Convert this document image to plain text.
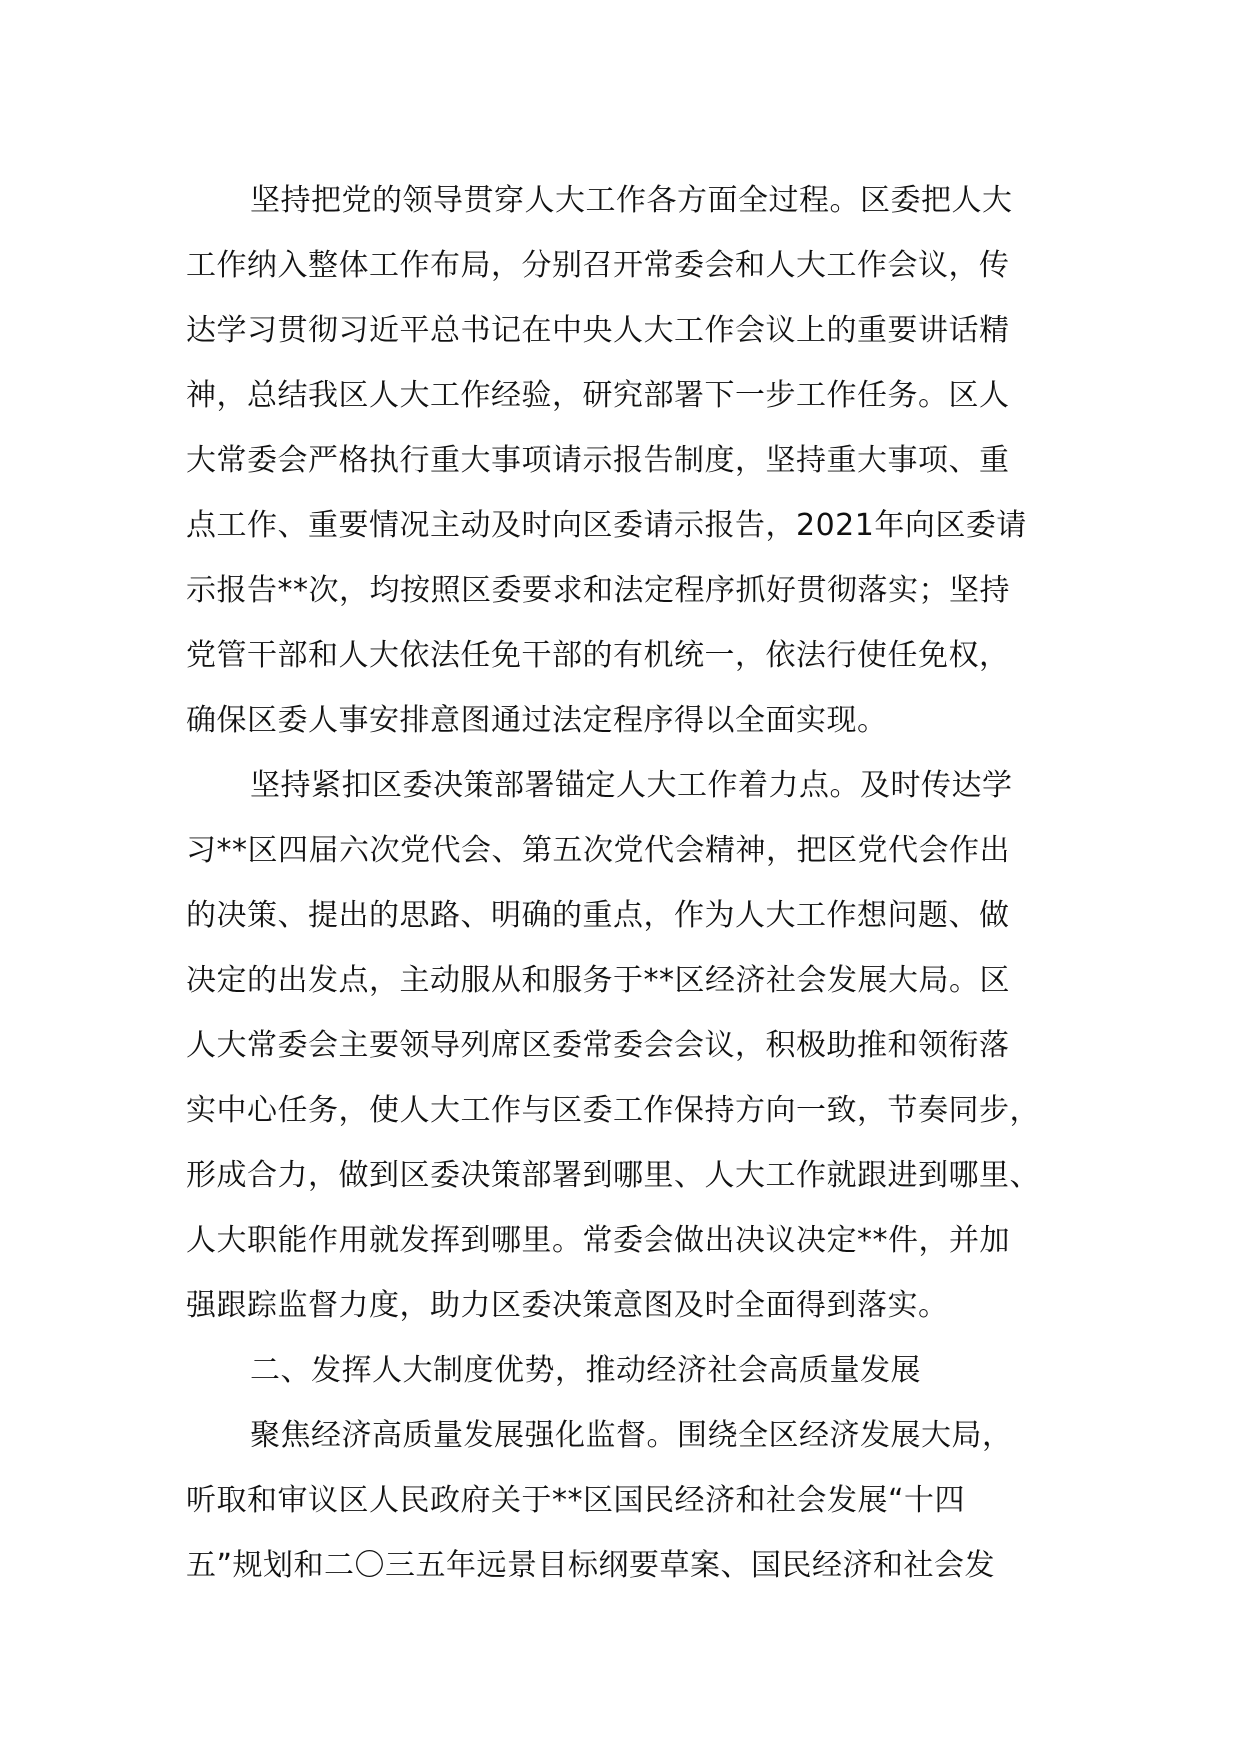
坚持把党的领导贯穿人大工作各方面全过程。区委把人大
工作纳入整体工作布局，分别召开常委会和人大工作会议，传
达学习贯彻习近平总书记在中央人大工作会议上的重要讲话精
神，总结我区人大工作经验，研究部署下一步工作任务。区人
大常委会严格执行重大事项请示报告制度，坚持重大事项、重
点工作、重要情况主动及时向区委请示报告，2021年向区委请
示报告**次，均按照区委要求和法定程序抓好贯彻落实；坚持
党管干部和人大依法任免干部的有机统一，依法行使任免权，
确保区委人事安排意图通过法定程序得以全面实现。
坚持紧扣区委决策部署锚定人大工作着力点。及时传达学
习**区四届六次党代会、第五次党代会精神，把区党代会作出
的决策、提出的思路、明确的重点，作为人大工作想问题、做
决定的出发点，主动服从和服务于**区经济社会发展大局。区
人大常委会主要领导列席区委常委会会议，积极助推和领衔落
实中心任务，使人大工作与区委工作保持方向一致，节奏同步，
形成合力，做到区委决策部署到哪里、人大工作就跟进到哪里、
人大职能作用就发挥到哪里。常委会做出决议决定**件，并加
强跟踪监督力度，助力区委决策意图及时全面得到落实。
二、发挥人大制度优势，推动经济社会高质量发展
聚焦经济高质量发展强化监督。围绕全区经济发展大局，
听取和审议区人民政府关于**区国民经济和社会发展“十四
五”规划和二〇三五年远景目标纲要草案、国民经济和社会发
